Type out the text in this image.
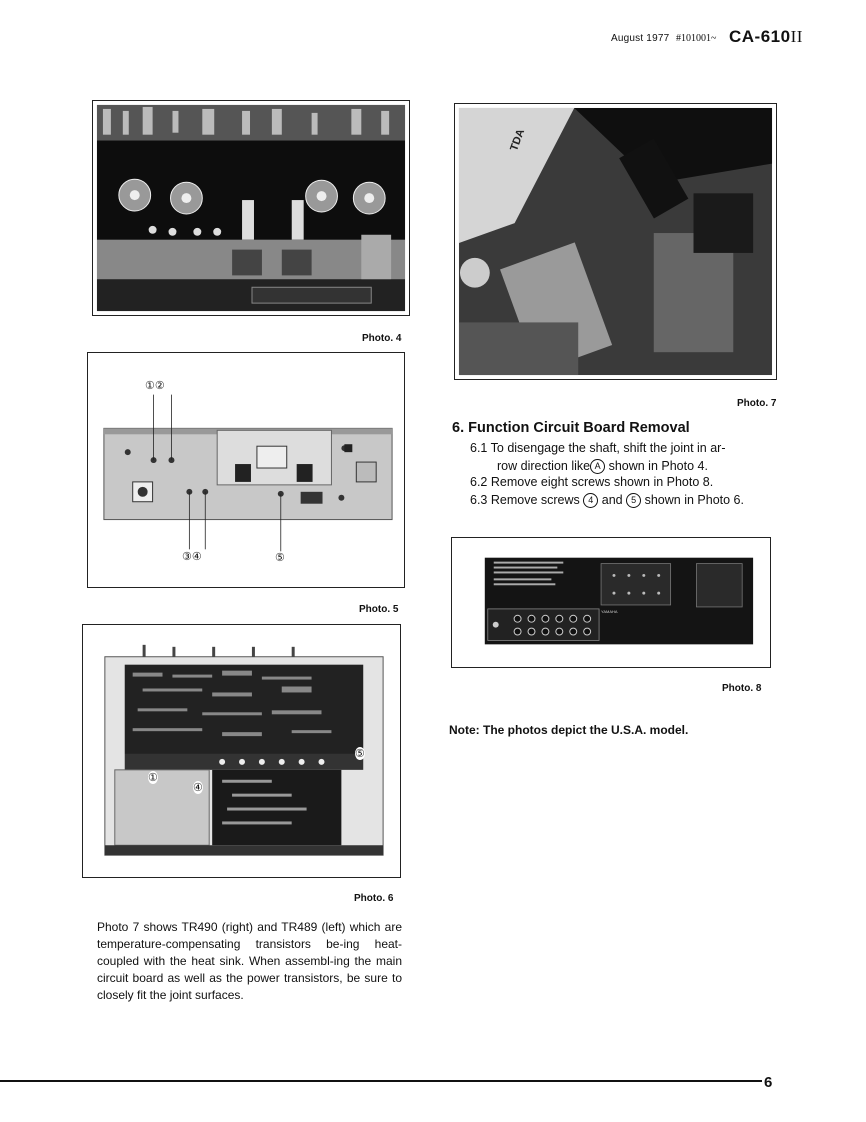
August 1977 #101001~ CA-610II
Photo. 4
TDA
Photo. 7
①②
③④	⑤
Photo. 5
6. Function Circuit Board Removal
6.1 To disengage the shaft, shift the joint in ar-
row direction like A shown in Photo 4.
6.2 Remove eight screws shown in Photo 8.
6.3 Remove screws 4 and 5 shown in Photo 6.
YAMAHA
Photo. 8
Note: The photos depict the U.S.A. model.
①
④
⑤
Photo. 6
Photo 7 shows TR490 (right) and TR489 (left) which are temperature-compensating transistors be-ing heat-coupled with the heat sink. When assembl-ing the main circuit board as well as the power transistors, be sure to closely fit the joint surfaces.
6
